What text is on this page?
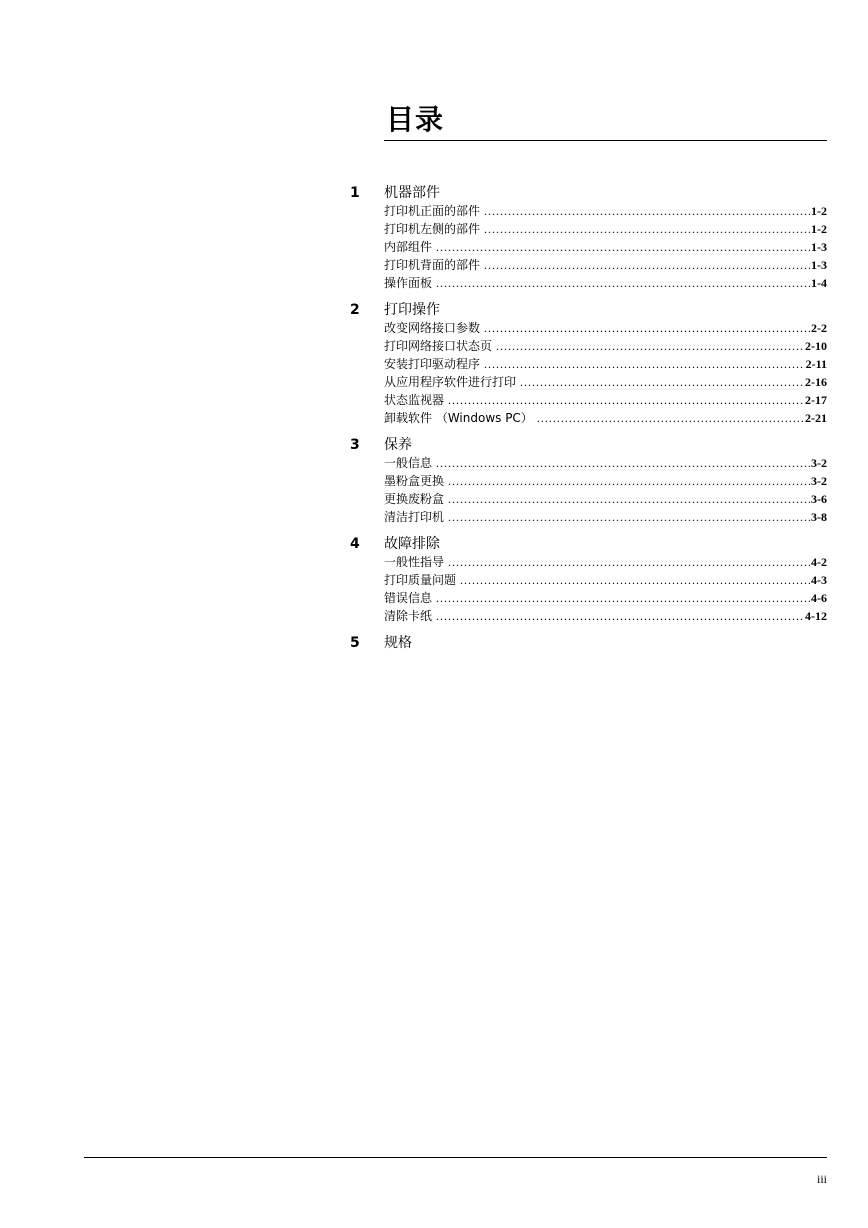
目录
1 机器部件
打印机正面的部件 .....	1-2
打印机左侧的部件 .....	1-2
内部组件 .....	1-3
打印机背面的部件 .....	1-3
操作面板 .....	1-4
2 打印操作
改变网络接口参数 .....	2-2
打印网络接口状态页 .....	2-10
安装打印驱动程序 .....	2-11
从应用程序软件进行打印 .....	2-16
状态监视器 .....	2-17
卸载软件 （Windows PC） .....	2-21
3 保养
一般信息 .....	3-2
墨粉盒更换 .....	3-2
更换废粉盒 .....	3-6
清洁打印机 .....	3-8
4 故障排除
一般性指导 .....	4-2
打印质量问题 .....	4-3
错误信息 .....	4-6
清除卡纸 .....	4-12
5 规格
iii
